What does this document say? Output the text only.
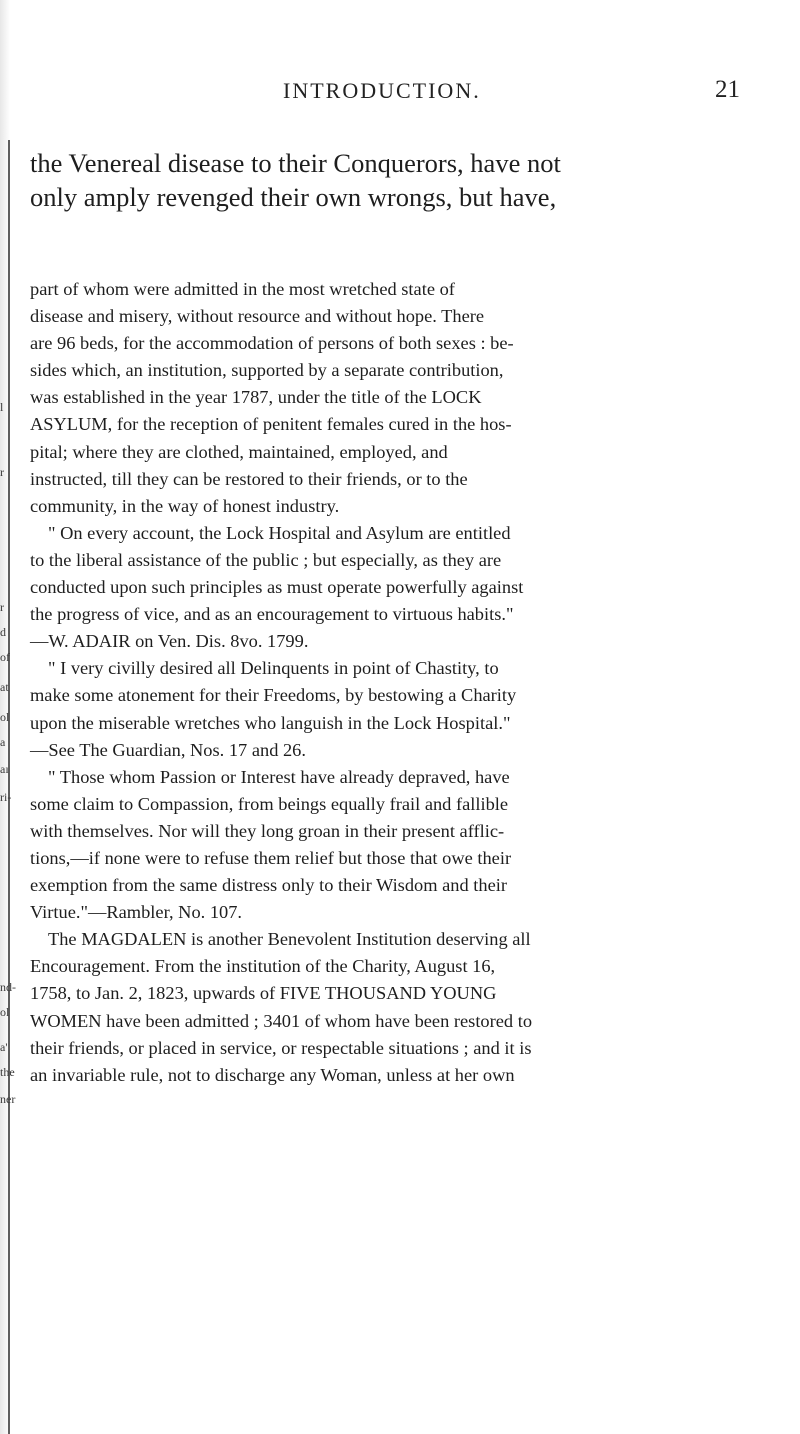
l
r
r
d
of
at
ol
a
aı
ri-
nd-
ol
a'
the
ner
INTRODUCTION.	21
the Venereal disease to their Conquerors, have not
only amply revenged their own wrongs, but have,
part of whom were admitted in the most wretched state of
disease and misery, without resource and without hope. There
are 96 beds, for the accommodation of persons of both sexes : be-
sides which, an institution, supported by a separate contribution,
was established in the year 1787, under the title of the LOCK
ASYLUM, for the reception of penitent females cured in the hos-
pital; where they are clothed, maintained, employed, and
instructed, till they can be restored to their friends, or to the
community, in the way of honest industry.
" On every account, the Lock Hospital and Asylum are entitled
to the liberal assistance of the public ; but especially, as they are
conducted upon such principles as must operate powerfully against
the progress of vice, and as an encouragement to virtuous habits."
—W. ADAIR on Ven. Dis. 8vo. 1799.
" I very civilly desired all Delinquents in point of Chastity, to
make some atonement for their Freedoms, by bestowing a Charity
upon the miserable wretches who languish in the Lock Hospital."
—See The Guardian, Nos. 17 and 26.
" Those whom Passion or Interest have already depraved, have
some claim to Compassion, from beings equally frail and fallible
with themselves. Nor will they long groan in their present afflic-
tions,—if none were to refuse them relief but those that owe their
exemption from the same distress only to their Wisdom and their
Virtue."—Rambler, No. 107.
The MAGDALEN is another Benevolent Institution deserving all
Encouragement. From the institution of the Charity, August 16,
1758, to Jan. 2, 1823, upwards of FIVE THOUSAND YOUNG
WOMEN have been admitted ; 3401 of whom have been restored to
their friends, or placed in service, or respectable situations ; and it is
an invariable rule, not to discharge any Woman, unless at her own
